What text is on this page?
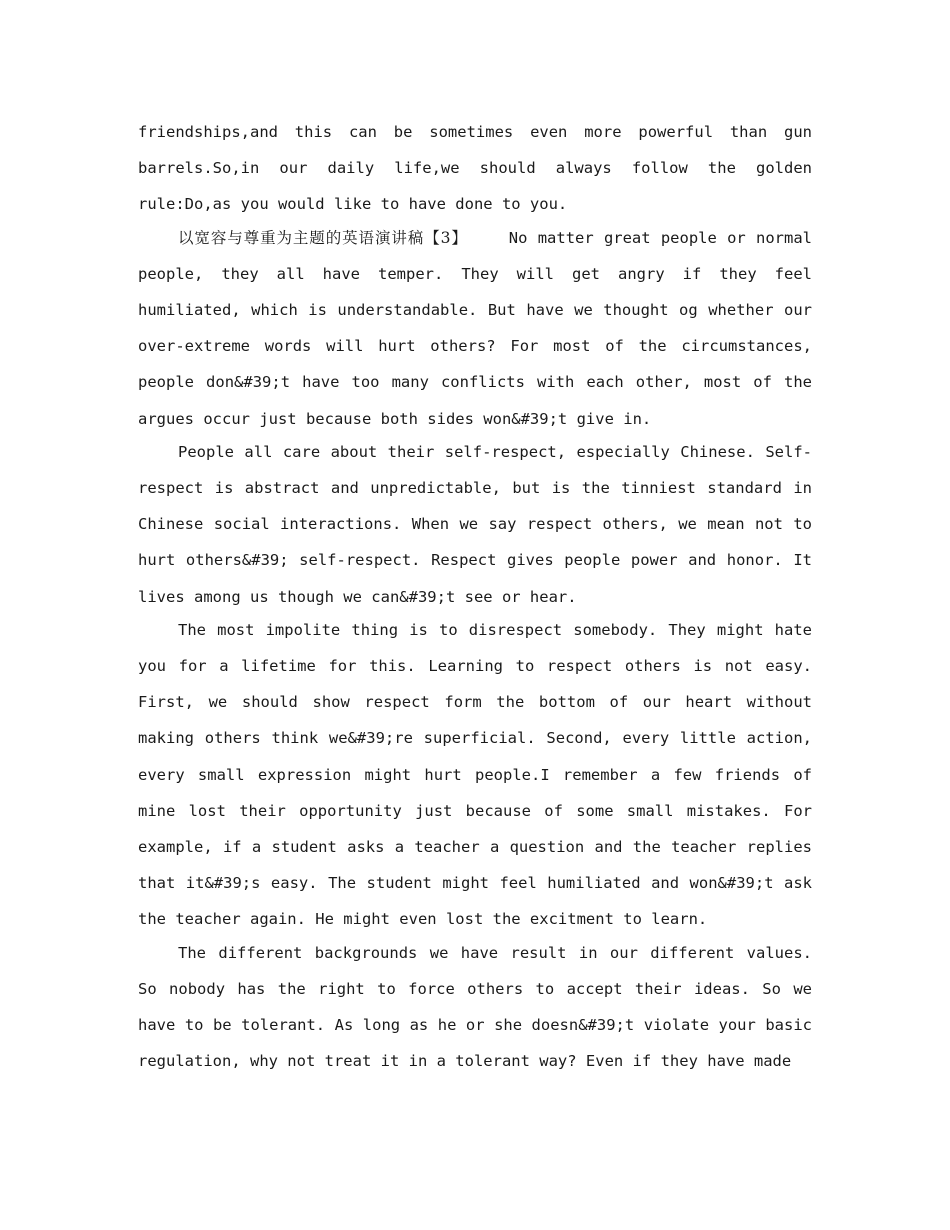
friendships,and this can be sometimes even more powerful than gun barrels.So,in our daily life,we should always follow the golden rule:Do,as you would like to have done to you.

以宽容与尊重为主题的英语演讲稿【3】    No matter great people or normal people, they all have temper. They will get angry if they feel humiliated, which is understandable. But have we thought og whether our over-extreme words will hurt others? For most of the circumstances, people don&#39;t have too many conflicts with each other, most of the argues occur just because both sides won&#39;t give in.

People all care about their self-respect, especially Chinese. Self-respect is abstract and unpredictable, but is the tinniest standard in Chinese social interactions. When we say respect others, we mean not to hurt others&#39; self-respect. Respect gives people power and honor. It lives among us though we can&#39;t see or hear.

The most impolite thing is to disrespect somebody. They might hate you for a lifetime for this. Learning to respect others is not easy. First, we should show respect form the bottom of our heart without making others think we&#39;re superficial. Second, every little action, every small expression might hurt people.I remember a few friends of mine lost their opportunity just because of some small mistakes. For example, if a student asks a teacher a question and the teacher replies that it&#39;s easy. The student might feel humiliated and won&#39;t ask the teacher again. He might even lost the excitment to learn.

The different backgrounds we have result in our different values. So nobody has the right to force others to accept their ideas. So we have to be tolerant. As long as he or she doesn&#39;t violate your basic regulation, why not treat it in a tolerant way? Even if they have made
